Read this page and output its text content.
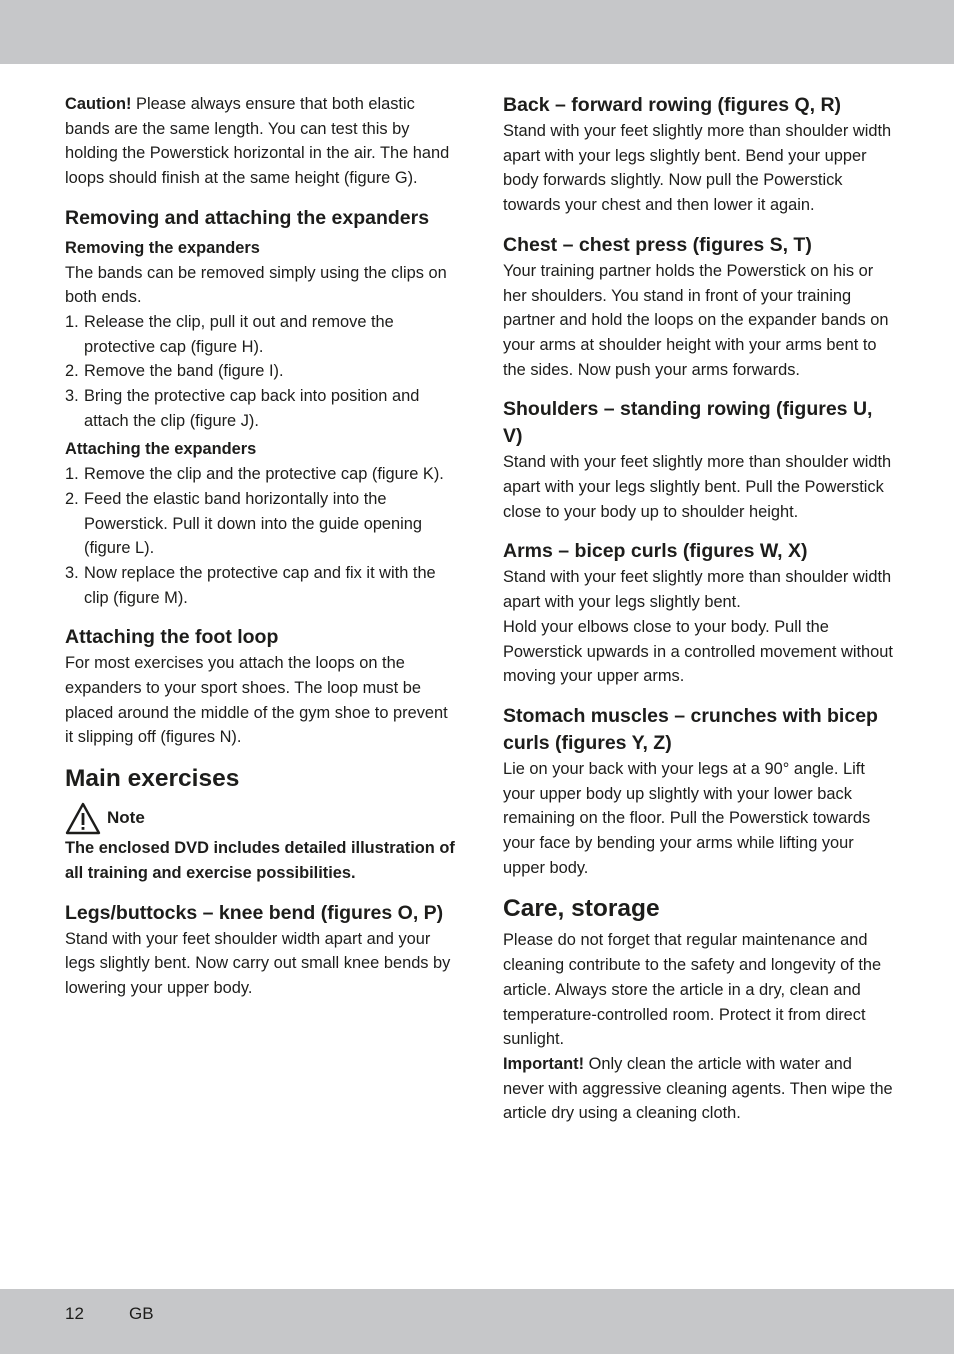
Caution! Please always ensure that both elastic bands are the same length. You can test this by holding the Powerstick horizontal in the air. The hand loops should finish at the same height (figure G).

Removing and attaching the expanders
Removing the expanders

The bands can be removed simply using the clips on both ends.

1. Release the clip, pull it out and remove the protective cap (figure H).
2. Remove the band (figure I).
3. Bring the protective cap back into position and attach the clip (figure J).
Attaching the expanders
1. Remove the clip and the protective cap (figure K).
2. Feed the elastic band horizontally into the Powerstick. Pull it down into the guide opening (figure L).
3. Now replace the protective cap and fix it with the clip (figure M).
Attaching the foot loop

For most exercises you attach the loops on the expanders to your sport shoes. The loop must be placed around the middle of the gym shoe to prevent it slipping off (figures N).

Main exercises
Note

The enclosed DVD includes detailed illustration of all training and exercise possibilities.

Legs/buttocks – knee bend (figures O, P)

Stand with your feet shoulder width apart and your legs slightly bent. Now carry out small knee bends by lowering your upper body.

Back – forward rowing (figures Q, R)

Stand with your feet slightly more than shoulder width apart with your legs slightly bent. Bend your upper body forwards slightly. Now pull the Powerstick towards your chest and then lower it again.

Chest – chest press (figures S, T)

Your training partner holds the Powerstick on his or her shoulders. You stand in front of your training partner and hold the loops on the expander bands on your arms at shoulder height with your arms bent to the sides. Now push your arms forwards.

Shoulders – standing rowing (figures U, V)

Stand with your feet slightly more than shoulder width apart with your legs slightly bent. Pull the Powerstick close to your body up to shoulder height.

Arms – bicep curls (figures W, X)

Stand with your feet slightly more than shoulder width apart with your legs slightly bent.

Hold your elbows close to your body. Pull the Powerstick upwards in a controlled movement without moving your upper arms.

Stomach muscles – crunches with bicep curls (figures Y, Z)

Lie on your back with your legs at a 90° angle. Lift your upper body up slightly with your lower back remaining on the floor. Pull the Powerstick towards your face by bending your arms while lifting your upper body.

Care, storage

Please do not forget that regular maintenance and cleaning contribute to the safety and longevity of the article. Always store the article in a dry, clean and temperature-controlled room. Protect it from direct sunlight.

Important! Only clean the article with water and never with aggressive cleaning agents. Then wipe the article dry using a cleaning cloth.

12	GB
